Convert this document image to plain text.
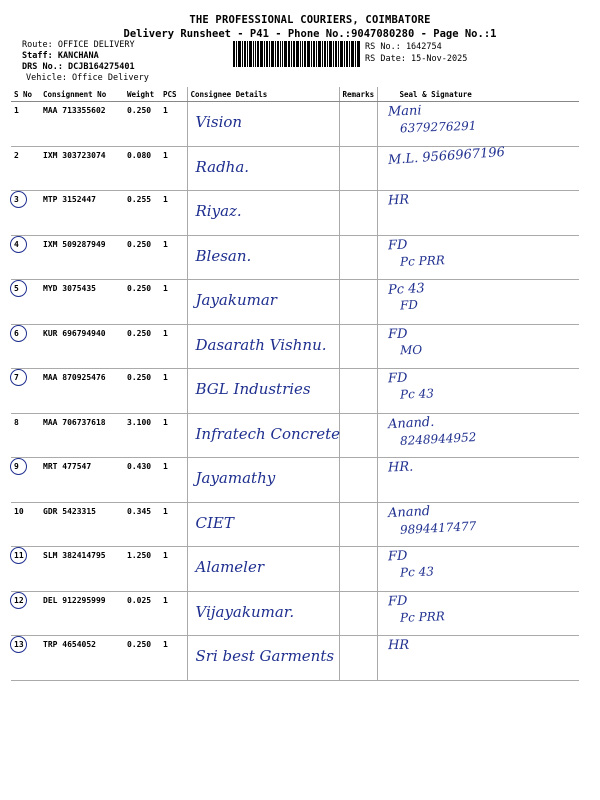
THE PROFESSIONAL COURIERS, COIMBATORE
Delivery Runsheet - P41 - Phone No.:9047080280 - Page No.:1
Route: OFFICE DELIVERY
Staff: KANCHANA
DRS No.: DCJB164275401
Vehicle: Office Delivery
RS No.: 1642754
RS Date: 15-Nov-2025
S No	Consignment No	Weight	PCS	Consignee Details	Remarks	Seal & Signature
1	MAA 713355602	0.250	1	Vision		Mani
6379276291

2	IXM 303723074	0.080	1	Radha.		M.L. 9566967196

3	MTP 3152447	0.255	1	Riyaz.		HR

4	IXM 509287949	0.250	1	Blesan.		FD
Pc PRR

5	MYD 3075435	0.250	1	Jayakumar		Pc 43
FD

6	KUR 696794940	0.250	1	Dasarath Vishnu.		FD
MO

7	MAA 870925476	0.250	1	BGL Industries		FD
Pc 43

8	MAA 706737618	3.100	1	Infratech Concrete		Anand.
8248944952

9	MRT 477547	0.430	1	Jayamathy		HR.

10	GDR 5423315	0.345	1	CIET		Anand
9894417477

11	SLM 382414795	1.250	1	Alameler		FD
Pc 43

12	DEL 912295999	0.025	1	Vijayakumar.		FD
Pc PRR

13	TRP 4654052	0.250	1	Sri best Garments		HR
